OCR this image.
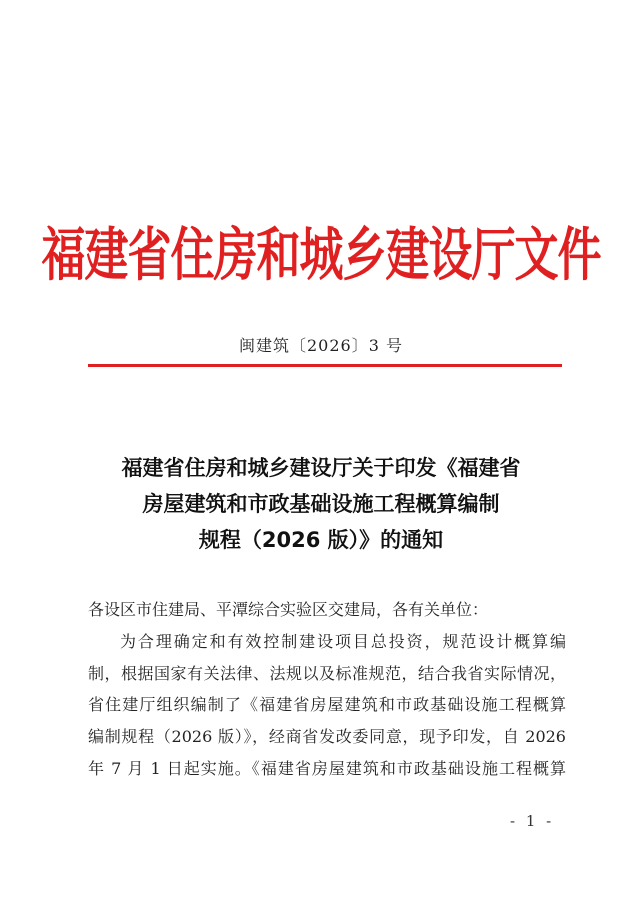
福建省住房和城乡建设厅文件
闽建筑〔2026〕3 号
福建省住房和城乡建设厅关于印发《福建省
房屋建筑和市政基础设施工程概算编制
规程（2026 版）》的通知
各设区市住建局、平潭综合实验区交建局，各有关单位：
为合理确定和有效控制建设项目总投资，规范设计概算编
制，根据国家有关法律、法规以及标准规范，结合我省实际情况，
省住建厅组织编制了《福建省房屋建筑和市政基础设施工程概算
编制规程（2026 版）》，经商省发改委同意，现予印发，自 2026
年 7 月 1 日起实施。《福建省房屋建筑和市政基础设施工程概算
- 1 -
